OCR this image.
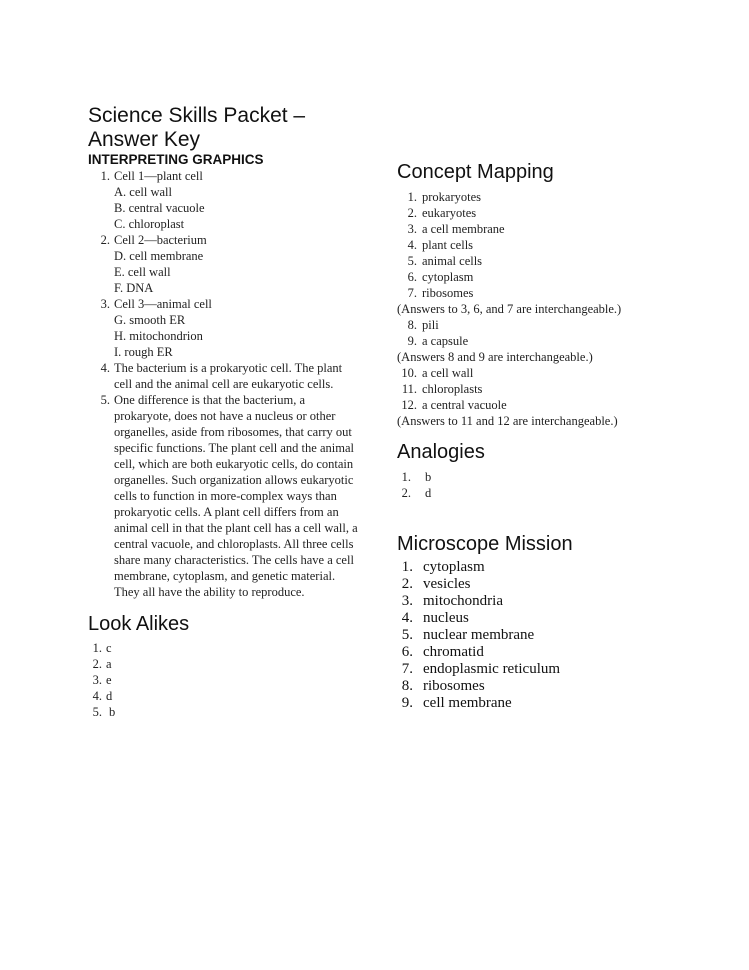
Science Skills Packet – Answer Key
INTERPRETING GRAPHICS
1. Cell 1—plant cell
A. cell wall
B. central vacuole
C. chloroplast
2. Cell 2—bacterium
D. cell membrane
E. cell wall
F. DNA
3. Cell 3—animal cell
G. smooth ER
H. mitochondrion
I. rough ER
4. The bacterium is a prokaryotic cell. The plant cell and the animal cell are eukaryotic cells.
5. One difference is that the bacterium, a prokaryote, does not have a nucleus or other organelles, aside from ribosomes, that carry out specific functions. The plant cell and the animal cell, which are both eukaryotic cells, do contain organelles. Such organization allows eukaryotic cells to function in more-complex ways than prokaryotic cells. A plant cell differs from an animal cell in that the plant cell has a cell wall, a central vacuole, and chloroplasts. All three cells share many characteristics. The cells have a cell membrane, cytoplasm, and genetic material. They all have the ability to reproduce.
Look Alikes
1. c
2. a
3. e
4. d
5. b
Concept Mapping
1. prokaryotes
2. eukaryotes
3. a cell membrane
4. plant cells
5. animal cells
6. cytoplasm
7. ribosomes
(Answers to 3, 6, and 7 are interchangeable.)
8. pili
9. a capsule
(Answers 8 and 9 are interchangeable.)
10. a cell wall
11. chloroplasts
12. a central vacuole
(Answers to 11 and 12 are interchangeable.)
Analogies
1.	b
2.	d
Microscope Mission
1. cytoplasm
2. vesicles
3. mitochondria
4. nucleus
5. nuclear membrane
6. chromatid
7. endoplasmic reticulum
8. ribosomes
9. cell membrane
